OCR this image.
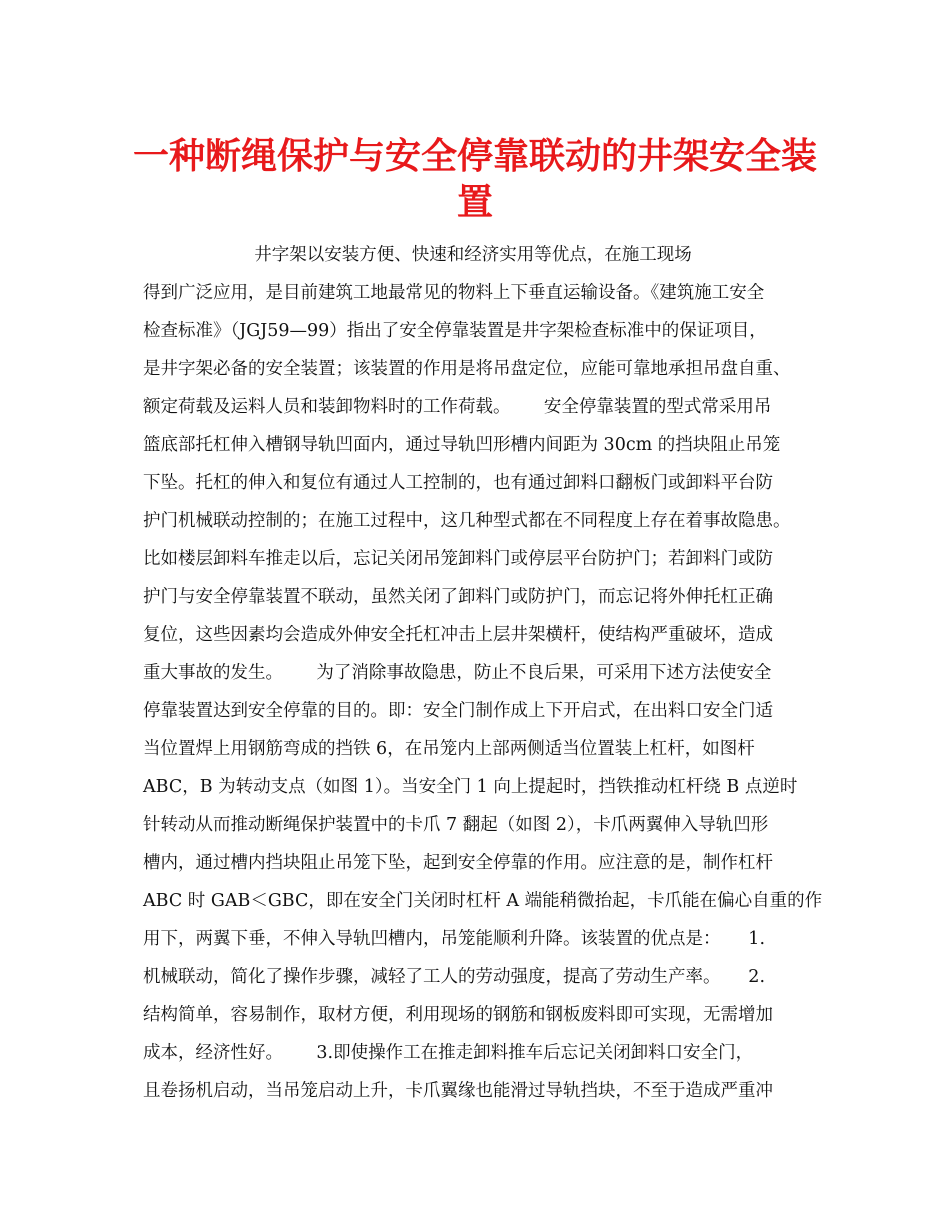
一种断绳保护与安全停靠联动的井架安全装
置
井字架以安装方便、快速和经济实用等优点，在施工现场
得到广泛应用，是目前建筑工地最常见的物料上下垂直运输设备。《建筑施工安全
检查标准》（JGJ59—99）指出了安全停靠装置是井字架检查标准中的保证项目，
是井字架必备的安全装置；该装置的作用是将吊盘定位，应能可靠地承担吊盘自重、
额定荷载及运料人员和装卸物料时的工作荷载。      安全停靠装置的型式常采用吊
篮底部托杠伸入槽钢导轨凹面内，通过导轨凹形槽内间距为 30cm 的挡块阻止吊笼
下坠。托杠的伸入和复位有通过人工控制的，也有通过卸料口翻板门或卸料平台防
护门机械联动控制的；在施工过程中，这几种型式都在不同程度上存在着事故隐患。
比如楼层卸料车推走以后，忘记关闭吊笼卸料门或停层平台防护门；若卸料门或防
护门与安全停靠装置不联动，虽然关闭了卸料门或防护门，而忘记将外伸托杠正确
复位，这些因素均会造成外伸安全托杠冲击上层井架横杆，使结构严重破坏，造成
重大事故的发生。      为了消除事故隐患，防止不良后果，可采用下述方法使安全
停靠装置达到安全停靠的目的。即：安全门制作成上下开启式，在出料口安全门适
当位置焊上用钢筋弯成的挡铁 6，在吊笼内上部两侧适当位置装上杠杆，如图杆
ABC，B 为转动支点（如图 1）。当安全门 1 向上提起时，挡铁推动杠杆绕 B 点逆时
针转动从而推动断绳保护装置中的卡爪 7 翻起（如图 2），卡爪两翼伸入导轨凹形
槽内，通过槽内挡块阻止吊笼下坠，起到安全停靠的作用。应注意的是，制作杠杆
ABC 时 GAB＜GBC，即在安全门关闭时杠杆 A 端能稍微抬起，卡爪能在偏心自重的作
用下，两翼下垂，不伸入导轨凹槽内，吊笼能顺利升降。该装置的优点是：     1.
机械联动，简化了操作步骤，减轻了工人的劳动强度，提高了劳动生产率。     2.
结构简单，容易制作，取材方便，利用现场的钢筋和钢板废料即可实现，无需增加
成本，经济性好。      3.即使操作工在推走卸料推车后忘记关闭卸料口安全门，
且卷扬机启动，当吊笼启动上升，卡爪翼缘也能滑过导轨挡块，不至于造成严重冲
